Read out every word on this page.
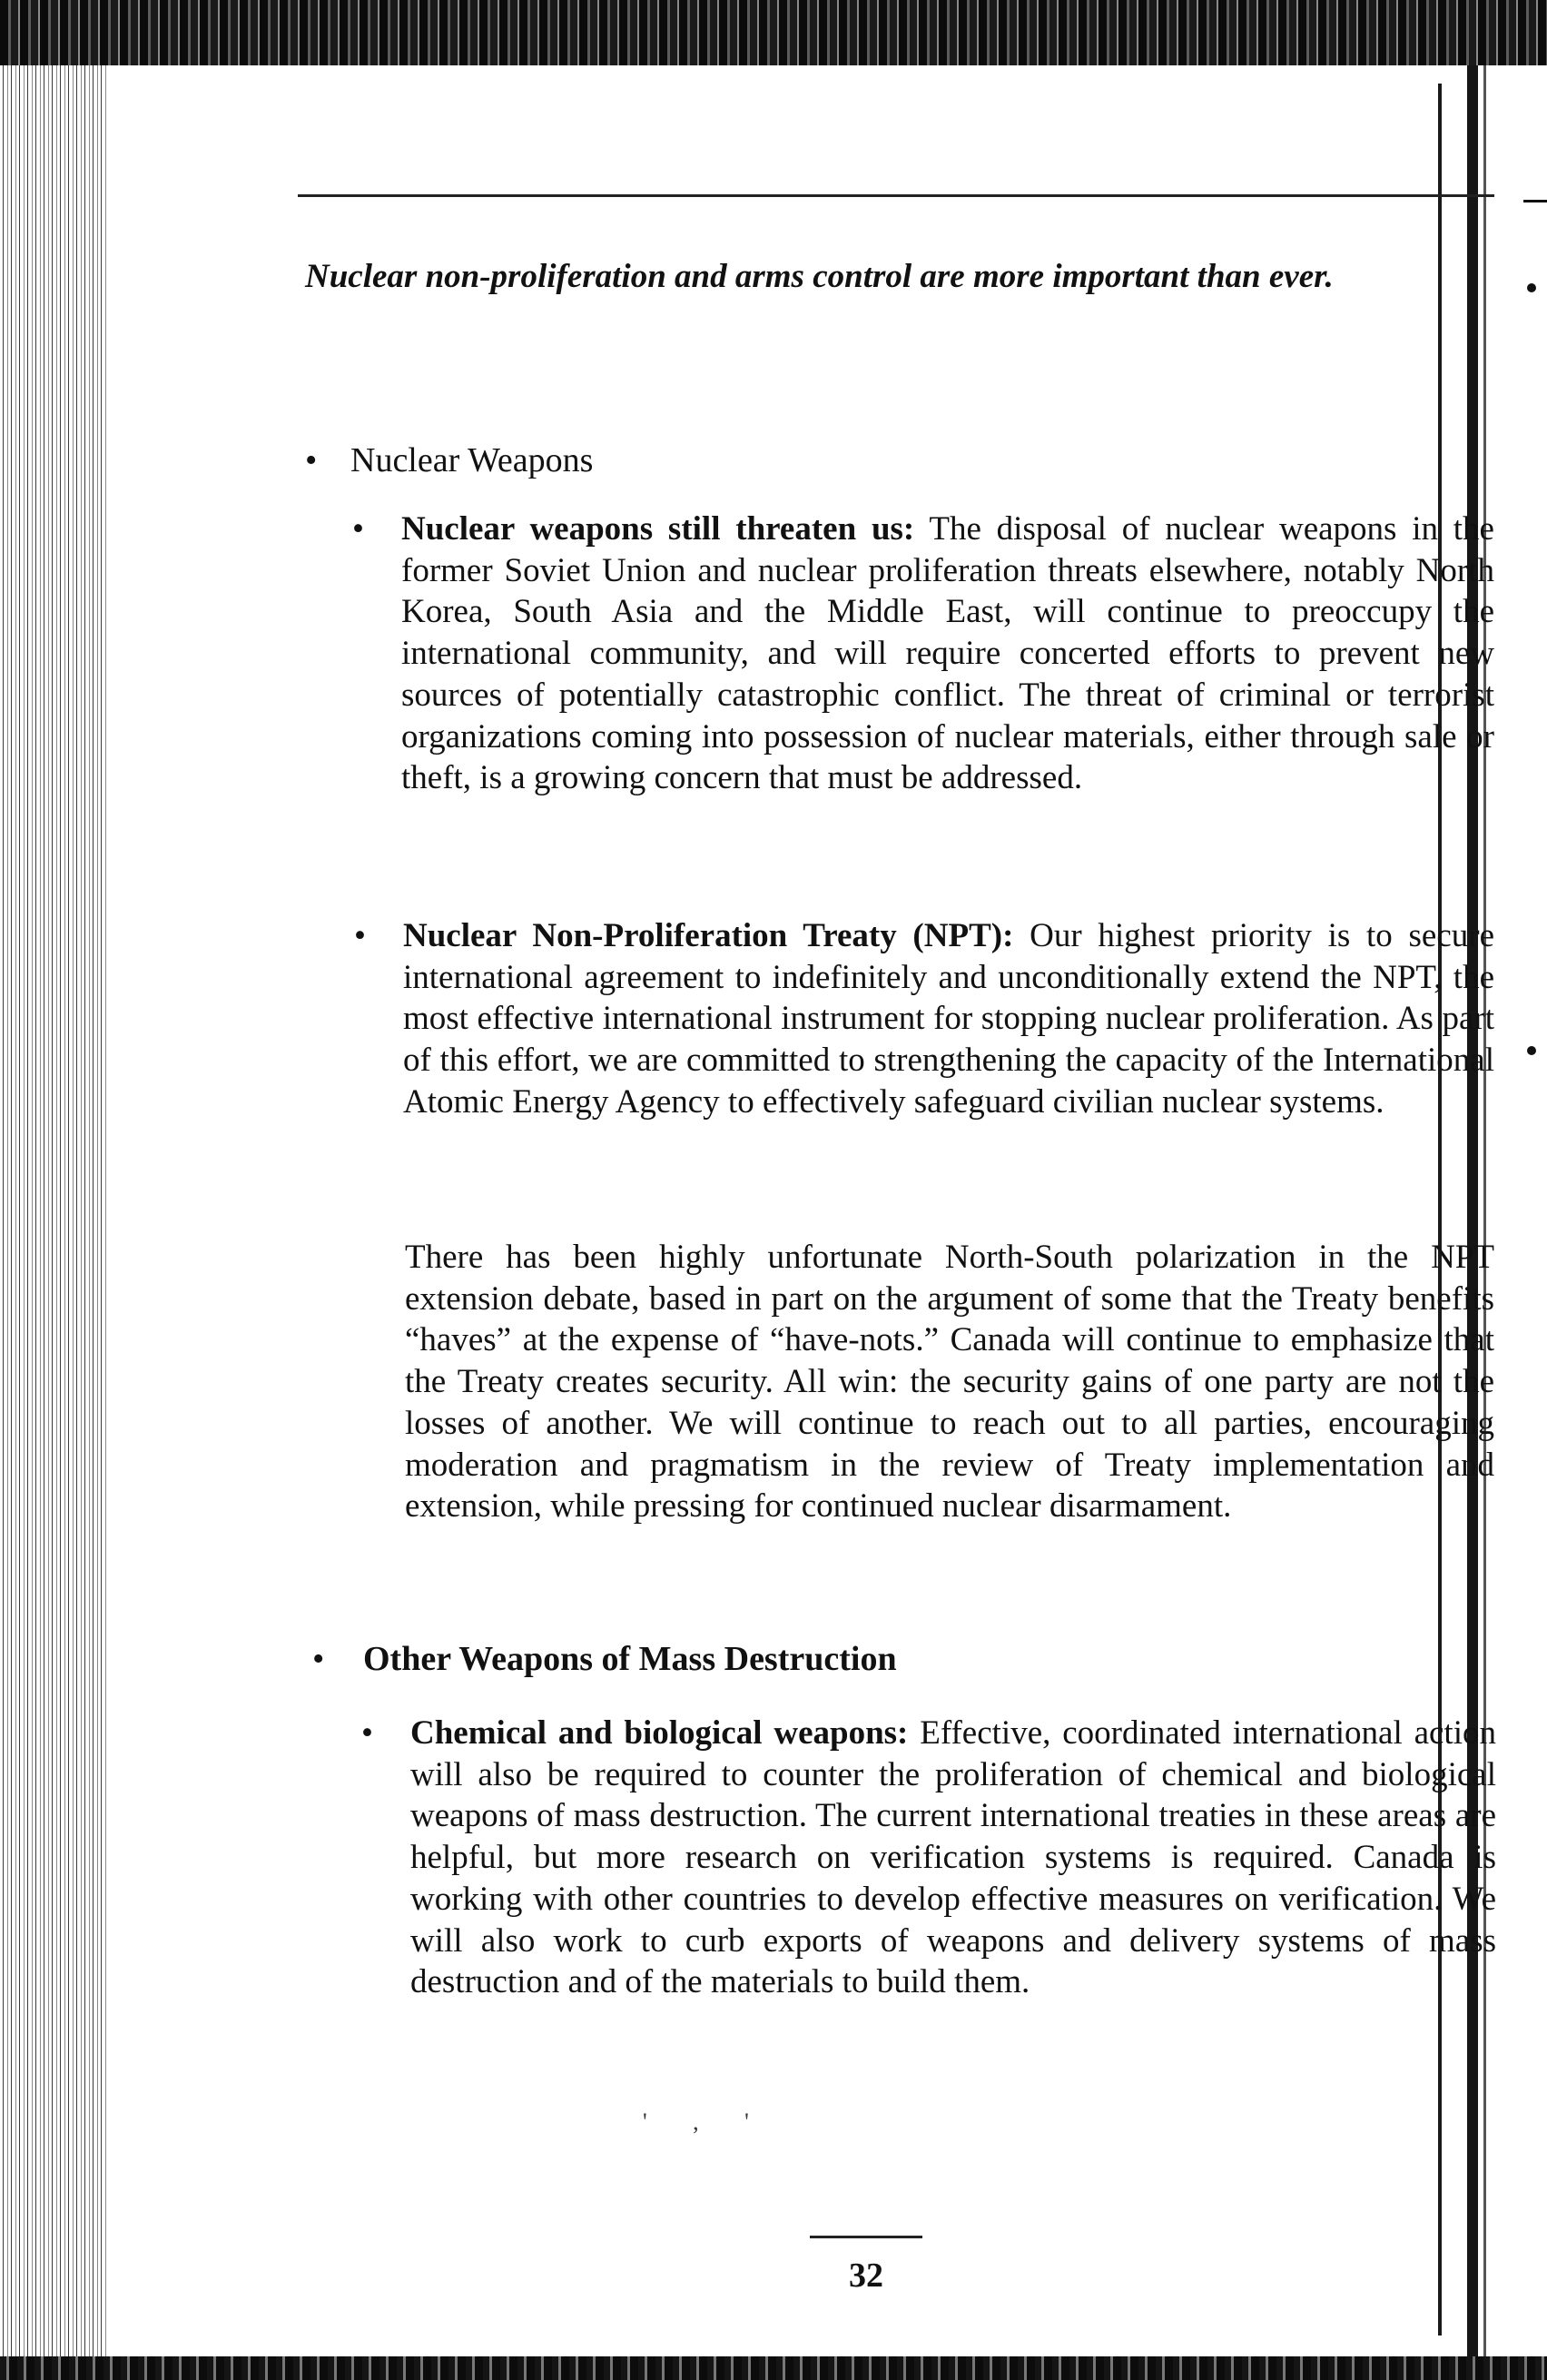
Nuclear non-proliferation and arms control are more important than ever.
• Nuclear Weapons
• Nuclear weapons still threaten us: The disposal of nuclear weapons in the former Soviet Union and nuclear proliferation threats elsewhere, notably North Korea, South Asia and the Middle East, will continue to preoccupy the international community, and will require concerted efforts to prevent new sources of potentially catastrophic conflict. The threat of criminal or terrorist organizations coming into possession of nuclear materials, either through sale or theft, is a growing concern that must be addressed.

• Nuclear Non-Proliferation Treaty (NPT): Our highest priority is to secure international agreement to indefinitely and unconditionally extend the NPT, the most effective international instrument for stopping nuclear proliferation. As part of this effort, we are committed to strengthening the capacity of the International Atomic Energy Agency to effectively safeguard civilian nuclear systems.

There has been highly unfortunate North-South polarization in the NPT extension debate, based in part on the argument of some that the Treaty benefits “haves” at the expense of “have-nots.” Canada will continue to emphasize that the Treaty creates security. All win: the security gains of one party are not the losses of another. We will continue to reach out to all parties, encouraging moderation and pragmatism in the review of Treaty implementation and extension, while pressing for continued nuclear disarmament.

• Other Weapons of Mass Destruction
• Chemical and biological weapons: Effective, coordinated international action will also be required to counter the proliferation of chemical and biological weapons of mass destruction. The current international treaties in these areas are helpful, but more research on verification systems is required. Canada is working with other countries to develop effective measures on verification. We will also work to curb exports of weapons and delivery systems of mass destruction and of the materials to build them.

' , '
32
